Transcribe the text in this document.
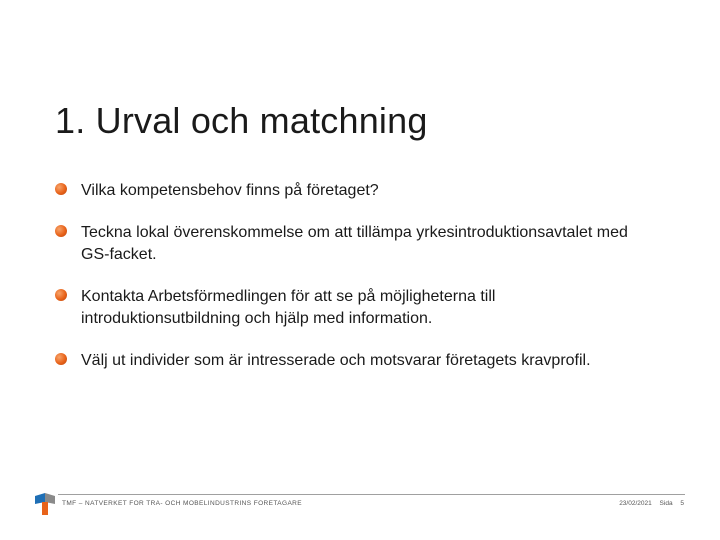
1. Urval och matchning
Vilka kompetensbehov finns på företaget?
Teckna lokal överenskommelse om att tillämpa yrkesintroduktionsavtalet med GS-facket.
Kontakta Arbetsförmedlingen för att se på möjligheterna till introduktionsutbildning och hjälp med information.
Välj ut individer som är intresserade och motsvarar företagets kravprofil.
TMF – NATVERKET FOR TRA- OCH MOBELINDUSTRINS FORETAGARE	23/02/2021 Sida 5
